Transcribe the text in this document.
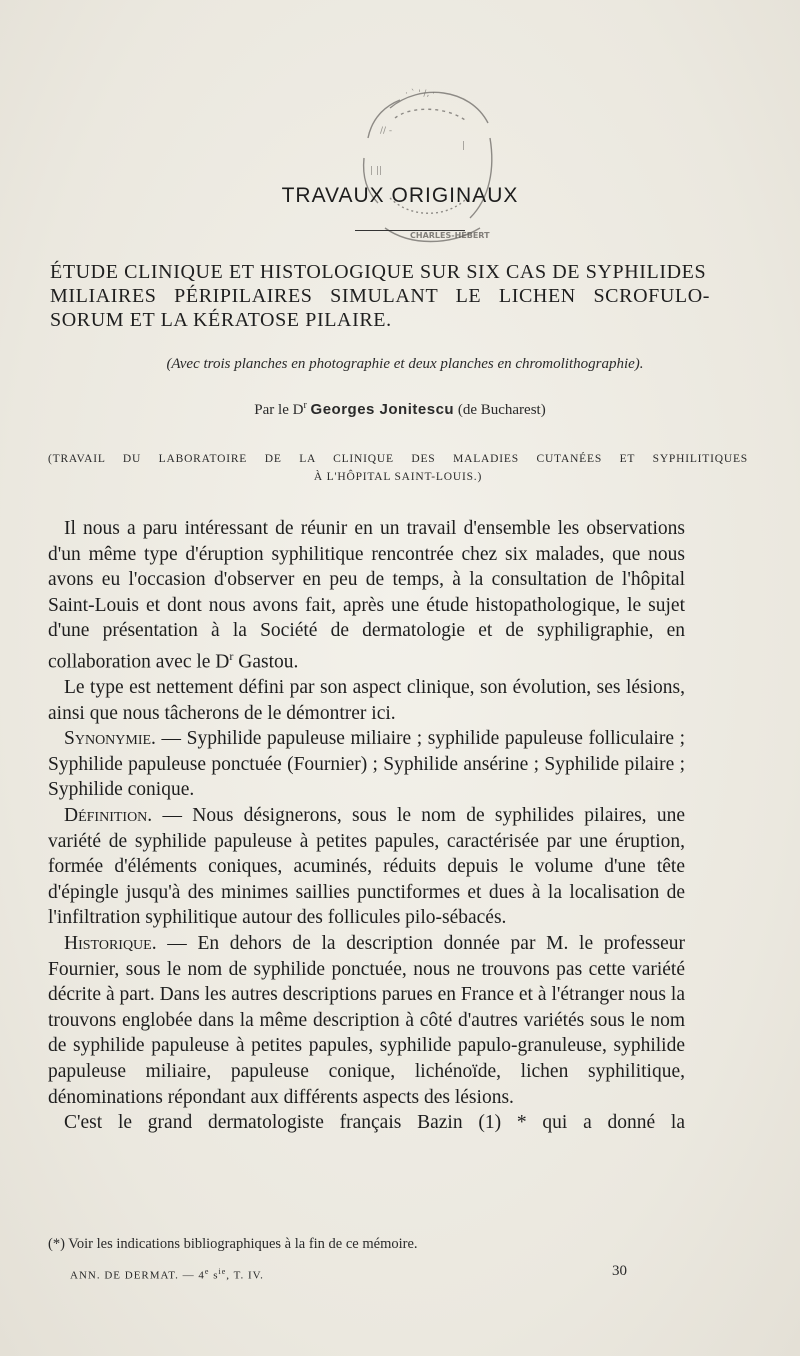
· ` ' /, ·
// -
|
| ||
CHARLES-HÉBERT
TRAVAUX ORIGINAUX
ÉTUDE CLINIQUE ET HISTOLOGIQUE SUR SIX CAS DE SYPHILIDES
MILIAIRES PÉRIPILAIRES SIMULANT LE LICHEN SCROFULO-
SORUM ET LA KÉRATOSE PILAIRE.
(Avec trois planches en photographie et deux planches en chromolithographie).
Par le $D^r$ Georges Jonitescu (de Bucharest)
(TRAVAIL DU LABORATOIRE DE LA CLINIQUE DES MALADIES CUTANÉES ET SYPHILITIQUES
À L'HÔPITAL SAINT-LOUIS.)

Il nous a paru intéressant de réunir en un travail d'ensemble les observations d'un même type d'éruption syphilitique rencontrée chez six malades, que nous avons eu l'occasion d'observer en peu de temps, à la consultation de l'hôpital Saint-Louis et dont nous avons fait, après une étude histopathologique, le sujet d'une présentation à la Société de dermatologie et de syphiligraphie, en collaboration avec le $D^r$ Gastou.

Le type est nettement défini par son aspect clinique, son évolution, ses lésions, ainsi que nous tâcherons de le démontrer ici.

Synonymie. — Syphilide papuleuse miliaire ; syphilide papuleuse folliculaire ; Syphilide papuleuse ponctuée (Fournier) ; Syphilide ansérine ; Syphilide pilaire ; Syphilide conique.

Définition. — Nous désignerons, sous le nom de syphilides pilaires, une variété de syphilide papuleuse à petites papules, caractérisée par une éruption, formée d'éléments coniques, acuminés, réduits depuis le volume d'une tête d'épingle jusqu'à des minimes saillies punctiformes et dues à la localisation de l'infiltration syphilitique autour des follicules pilo-sébacés.

Historique. — En dehors de la description donnée par M. le professeur Fournier, sous le nom de syphilide ponctuée, nous ne trouvons pas cette variété décrite à part. Dans les autres descriptions parues en France et à l'étranger nous la trouvons englobée dans la même description à côté d'autres variétés sous le nom de syphilide papuleuse à petites papules, syphilide papulo-granuleuse, syphilide papuleuse miliaire, papuleuse conique, lichénoïde, lichen syphilitique, dénominations répondant aux différents aspects des lésions.

C'est le grand dermatologiste français Bazin (1) * qui a donné la

(*) Voir les indications bibliographiques à la fin de ce mémoire.
ANN. DE DERMAT. — 4e $s^{ie}$, T. IV.	30
